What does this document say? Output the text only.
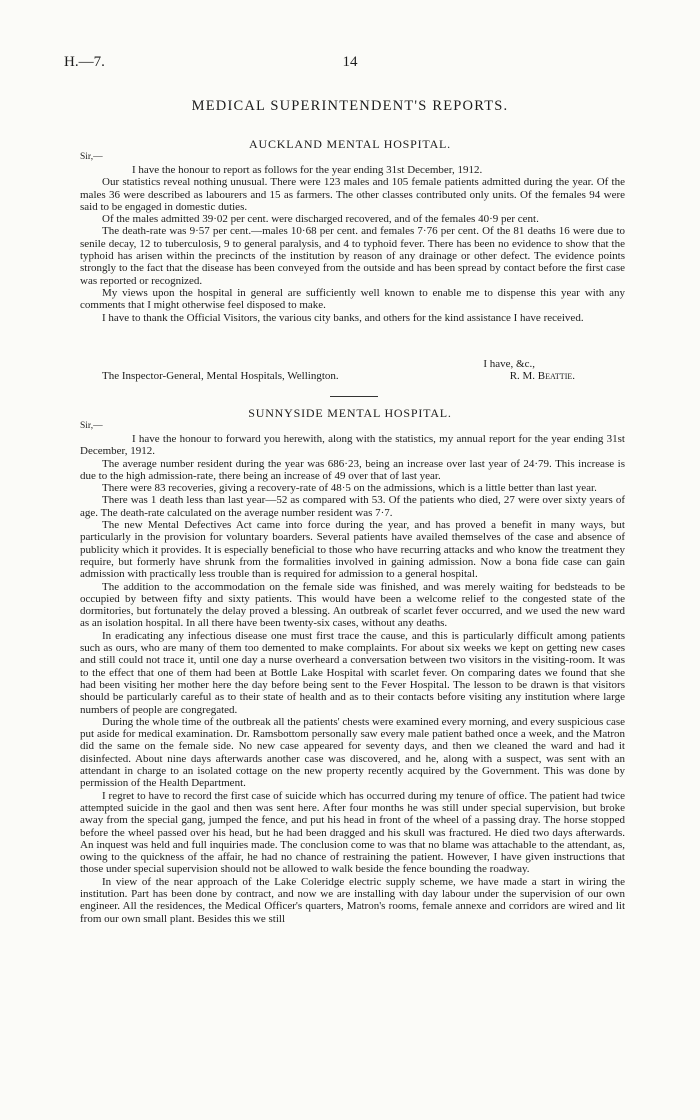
H.—7.	14
MEDICAL SUPERINTENDENT'S REPORTS.
AUCKLAND MENTAL HOSPITAL.
Sir,—

I have the honour to report as follows for the year ending 31st December, 1912.

Our statistics reveal nothing unusual. There were 123 males and 105 female patients admitted during the year. Of the males 36 were described as labourers and 15 as farmers. The other classes contributed only units. Of the females 94 were said to be engaged in domestic duties.

Of the males admitted 39·02 per cent. were discharged recovered, and of the females 40·9 per cent.

The death-rate was 9·57 per cent.—males 10·68 per cent. and females 7·76 per cent. Of the 81 deaths 16 were due to senile decay, 12 to tuberculosis, 9 to general paralysis, and 4 to typhoid fever. There has been no evidence to show that the typhoid has arisen within the precincts of the institution by reason of any drainage or other defect. The evidence points strongly to the fact that the disease has been conveyed from the outside and has been spread by contact before the first case was reported or recognized.

My views upon the hospital in general are sufficiently well known to enable me to dispense this year with any comments that I might otherwise feel disposed to make.

I have to thank the Official Visitors, the various city banks, and others for the kind assistance I have received.

I have, &c.,
The Inspector-General, Mental Hospitals, Wellington.	R. M. Beattie.
SUNNYSIDE MENTAL HOSPITAL.
Sir,—

I have the honour to forward you herewith, along with the statistics, my annual report for the year ending 31st December, 1912.

The average number resident during the year was 686·23, being an increase over last year of 24·79. This increase is due to the high admission-rate, there being an increase of 49 over that of last year.

There were 83 recoveries, giving a recovery-rate of 48·5 on the admissions, which is a little better than last year.

There was 1 death less than last year—52 as compared with 53. Of the patients who died, 27 were over sixty years of age. The death-rate calculated on the average number resident was 7·7.

The new Mental Defectives Act came into force during the year, and has proved a benefit in many ways, but particularly in the provision for voluntary boarders. Several patients have availed themselves of the case and absence of publicity which it provides. It is especially beneficial to those who have recurring attacks and who know the treatment they require, but formerly have shrunk from the formalities involved in gaining admission. Now a bona fide case can gain admission with practically less trouble than is required for admission to a general hospital.

The addition to the accommodation on the female side was finished, and was merely waiting for bedsteads to be occupied by between fifty and sixty patients. This would have been a welcome relief to the congested state of the dormitories, but fortunately the delay proved a blessing. An outbreak of scarlet fever occurred, and we used the new ward as an isolation hospital. In all there have been twenty-six cases, without any deaths.

In eradicating any infectious disease one must first trace the cause, and this is particularly difficult among patients such as ours, who are many of them too demented to make complaints. For about six weeks we kept on getting new cases and still could not trace it, until one day a nurse overheard a conversation between two visitors in the visiting-room. It was to the effect that one of them had been at Bottle Lake Hospital with scarlet fever. On comparing dates we found that she had been visiting her mother here the day before being sent to the Fever Hospital. The lesson to be drawn is that visitors should be particularly careful as to their state of health and as to their contacts before visiting any institution where large numbers of people are congregated.

During the whole time of the outbreak all the patients' chests were examined every morning, and every suspicious case put aside for medical examination. Dr. Ramsbottom personally saw every male patient bathed once a week, and the Matron did the same on the female side. No new case appeared for seventy days, and then we cleaned the ward and had it disinfected. About nine days afterwards another case was discovered, and he, along with a suspect, was sent with an attendant in charge to an isolated cottage on the new property recently acquired by the Government. This was done by permission of the Health Department.

I regret to have to record the first case of suicide which has occurred during my tenure of office. The patient had twice attempted suicide in the gaol and then was sent here. After four months he was still under special supervision, but broke away from the special gang, jumped the fence, and put his head in front of the wheel of a passing dray. The horse stopped before the wheel passed over his head, but he had been dragged and his skull was fractured. He died two days afterwards. An inquest was held and full inquiries made. The conclusion come to was that no blame was attachable to the attendant, as, owing to the quickness of the affair, he had no chance of restraining the patient. However, I have given instructions that those under special supervision should not be allowed to walk beside the fence bounding the roadway.

In view of the near approach of the Lake Coleridge electric supply scheme, we have made a start in wiring the institution. Part has been done by contract, and now we are installing with day labour under the supervision of our own engineer. All the residences, the Medical Officer's quarters, Matron's rooms, female annexe and corridors are wired and lit from our own small plant. Besides this we still
